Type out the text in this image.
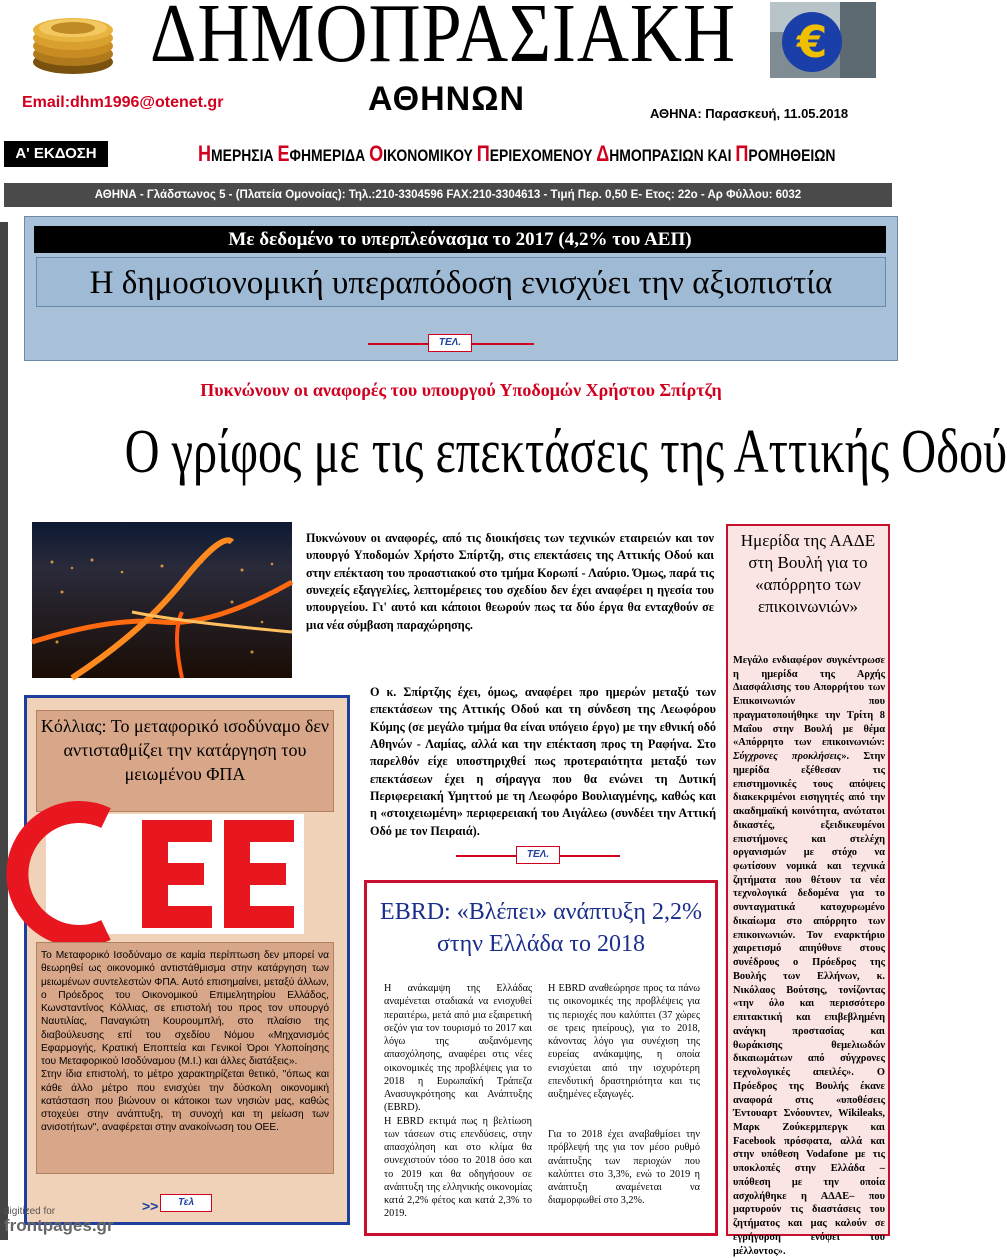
ΔΗΜΟΠΡΑΣΙΑΚΗ
ΑΘΗΝΩΝ
€
Email:dhm1996@otenet.gr
ΑΘΗΝΑ: Παρασκευή, 11.05.2018
Α' ΕΚΔΟΣΗ	ΗΜΕΡΗΣΙΑ ΕΦΗΜΕΡΙΔΑ ΟΙΚΟΝΟΜΙΚΟΥ ΠΕΡΙΕΧΟΜΕΝΟΥ ΔΗΜΟΠΡΑΣΙΩΝ ΚΑΙ ΠΡΟΜΗΘΕΙΩΝ
ΑΘΗΝΑ - Γλάδστωνος 5 - (Πλατεία Ομονοίας): Τηλ.:210-3304596 FAX:210-3304613 - Τιμή Περ. 0,50 Ε- Ετος: 22ο - Αρ Φύλλου: 6032
Με δεδομένο το υπερπλεόνασμα το 2017 (4,2% του ΑΕΠ)
Η δημοσιονομική υπεραπόδοση ενισχύει την αξιοπιστία
ΤΕΛ.
Πυκνώνουν οι αναφορές του υπουργού Υποδομών Χρήστου Σπίρτζη
Ο γρίφος με τις επεκτάσεις της Αττικής Οδού
Πυκνώνουν οι αναφορές, από τις διοικήσεις των τεχνικών εταιρειών και τον υπουργό Υποδομών Χρήστο Σπίρτζη, στις επεκτάσεις της Αττικής Οδού και στην επέκταση του προαστιακού στο τμήμα Κορωπί - Λαύριο. Όμως, παρά τις συνεχείς εξαγγελίες, λεπτομέρειες του σχεδίου δεν έχει αναφέρει η ηγεσία του υπουργείου. Γι' αυτό και κάποιοι θεωρούν πως τα δύο έργα θα ενταχθούν σε μια νέα σύμβαση παραχώρησης.
Ο κ. Σπίρτζης έχει, όμως, αναφέρει προ ημερών μεταξύ των επεκτάσεων της Αττικής Οδού και τη σύνδεση της Λεωφόρου Κύμης (σε μεγάλο τμήμα θα είναι υπόγειο έργο) με την εθνική οδό Αθηνών - Λαμίας, αλλά και την επέκταση προς τη Ραφήνα. Στο παρελθόν είχε υποστηριχθεί πως προτεραιότητα μεταξύ των επεκτάσεων έχει η σήραγγα που θα ενώνει τη Δυτική Περιφερειακή Υμηττού με τη Λεωφόρο Βουλιαγμένης, καθώς και η «στοιχειωμένη» περιφερειακή του Αιγάλεω (συνδέει την Αττική Οδό με τον Πειραιά).
ΤΕΛ.
Ημερίδα της ΑΑΔΕ στη Βουλή για το «απόρρητο των επικοινωνιών»
Μεγάλο ενδιαφέρον συγκέντρωσε η ημερίδα της Αρχής Διασφάλισης του Απορρήτου των Επικοινωνιών που πραγματοποιήθηκε την Τρίτη 8 Μαΐου στην Βουλή με θέμα «Απόρρητο των επικοινωνιών: Σύγχρονες προκλήσεις». Στην ημερίδα εξέθεσαν τις επιστημονικές τους απόψεις διακεκριμένοι εισηγητές από την ακαδημαϊκή κοινότητα, ανώτατοι δικαστές, εξειδικευμένοι επιστήμονες και στελέχη οργανισμών με στόχο να φωτίσουν νομικά και τεχνικά ζητήματα που θέτουν τα νέα τεχνολογικά δεδομένα για το συνταγματικά κατοχυρωμένο δικαίωμα στο απόρρητο των επικοινωνιών. Τον εναρκτήριο χαιρετισμό απηύθυνε στους συνέδρους ο Πρόεδρος της Βουλής των Ελλήνων, κ. Νικόλαος Βούτσης, τονίζοντας «την όλο και περισσότερο επιτακτική και επιβεβλημένη ανάγκη προστασίας και θωράκισης θεμελιωδών δικαιωμάτων από σύγχρονες τεχνολογικές απειλές». Ο Πρόεδρος της Βουλής έκανε αναφορά στις «υποθέσεις Έντουαρτ Σνόουντεν, Wikileaks, Μαρκ Ζούκερμπεργκ και Facebook πρόσφατα, αλλά και στην υπόθεση Vodafone με τις υποκλοπές στην Ελλάδα –υπόθεση με την οποία ασχολήθηκε η ΑΔΑΕ– που μαρτυρούν τις διαστάσεις του ζητήματος και μας καλούν σε εγρήγορση ενόψει του μέλλοντος».
Κόλλιας: Το μεταφορικό ισοδύναμο δεν αντισταθμίζει την κατάργηση του μειωμένου ΦΠΑ
Το Μεταφορικό Ισοδύναμο σε καμία περίπτωση δεν μπορεί να θεωρηθεί ως οικονομικό αντιστάθμισμα στην κατάργηση των μειωμένων συντελεστών ΦΠΑ. Αυτό επισημαίνει, μεταξύ άλλων, ο Πρόεδρος του Οικονομικού Επιμελητηρίου Ελλάδος, Κωνσταντίνος Κόλλιας, σε επιστολή του προς τον υπουργό Ναυτιλίας, Παναγιώτη Κουρουμπλή, στο πλαίσιο της διαβούλευσης επί του σχεδίου Νόμου «Μηχανισμός Εφαρμογής, Κρατική Εποπτεία και Γενικοί Όροι Υλοποίησης του Μεταφορικού Ισοδύναμου (Μ.Ι.) και άλλες διατάξεις».
Στην ίδια επιστολή, το μέτρο χαρακτηρίζεται θετικό, "όπως και κάθε άλλο μέτρο που ενισχύει την δύσκολη οικονομική κατάσταση που βιώνουν οι κάτοικοι των νησιών μας, καθώς στοχεύει στην ανάπτυξη, τη συνοχή και τη μείωση των ανισοτήτων", αναφέρεται στην ανακοίνωση του ΟΕΕ.
>>	Τελ
EBRD: «Βλέπει» ανάπτυξη 2,2% στην Ελλάδα το 2018
Η ανάκαμψη της Ελλάδας αναμένεται σταδιακά να ενισχυθεί περαιτέρω, μετά από μια εξαιρετική σεζόν για τον τουρισμό το 2017 και λόγω της αυξανόμενης απασχόλησης, αναφέρει στις νέες οικονομικές της προβλέψεις για το 2018 η Ευρωπαϊκή Τράπεζα Ανασυγκρότησης και Ανάπτυξης (EBRD).
Η EBRD εκτιμά πως η βελτίωση των τάσεων στις επενδύσεις, στην απασχόληση και στο κλίμα θα συνεχιστούν τόσο το 2018 όσο και το 2019 και θα οδηγήσουν σε ανάπτυξη της ελληνικής οικονομίας κατά 2,2% φέτος και κατά 2,3% το 2019.
Η EBRD αναθεώρησε προς τα πάνω τις οικονομικές της προβλέψεις για τις περιοχές που καλύπτει (37 χώρες σε τρεις ηπείρους), για το 2018, κάνοντας λόγο για συνέχιση της ευρείας ανάκαμψης, η οποία ενισχύεται από την ισχυρότερη επενδυτική δραστηριότητα και τις αυξημένες εξαγωγές.
Για το 2018 έχει αναβαθμίσει την πρόβλεψή της για τον μέσο ρυθμό ανάπτυξης των περιοχών που καλύπτει στο 3,3%, ενώ το 2019 η ανάπτυξη αναμένεται να διαμορφωθεί στο 3,2%.
digitized for
frontpages.gr
